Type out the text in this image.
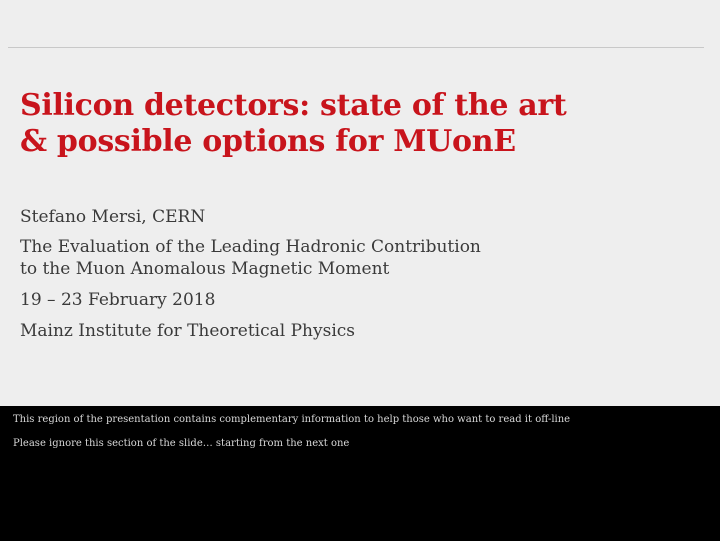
Silicon detectors: state of the art
& possible options for MUonE
Stefano Mersi, CERN
The Evaluation of the Leading Hadronic Contribution
to the Muon Anomalous Magnetic Moment
19 – 23 February 2018
Mainz Institute for Theoretical Physics
This region of the presentation contains complementary information to help those who want to read it off-line
Please ignore this section of the slide… starting from the next one
